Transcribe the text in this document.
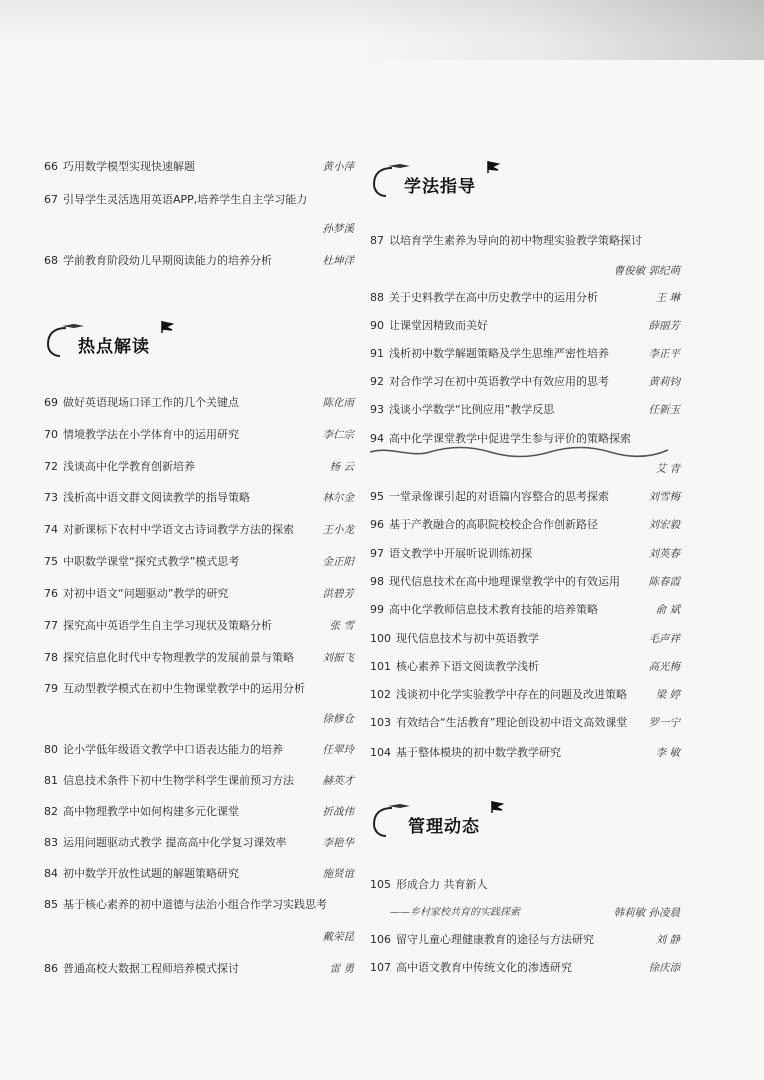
66 巧用数学模型实现快速解题	黄小萍
67 引导学生灵活选用英语APP,培养学生自主学习能力
孙梦溪
68 学前教育阶段幼儿早期阅读能力的培养分析	杜坤洋
热点解读
69 做好英语现场口译工作的几个关键点	陈化雨
70 情境教学法在小学体育中的运用研究	李仁宗
72 浅谈高中化学教育创新培养	杨 云
73 浅析高中语文群文阅读教学的指导策略	林尔金
74 对新课标下农村中学语文古诗词教学方法的探索	王小龙
75 中职数学课堂“探究式教学”模式思考	金正阳
76 对初中语文“问题驱动”教学的研究	洪碧芳
77 探究高中英语学生自主学习现状及策略分析	张 雪
78 探究信息化时代中专物理教学的发展前景与策略	刘振飞
79 互动型教学模式在初中生物课堂教学中的运用分析
徐修仓
80 论小学低年级语文教学中口语表达能力的培养	任翠玲
81 信息技术条件下初中生物学科学生课前预习方法	赫英才
82 高中物理教学中如何构建多元化课堂	折战伟
83 运用问题驱动式教学 提高高中化学复习课效率	李艳华
84 初中数学开放性试题的解题策略研究	施贤谊
85 基于核心素养的初中道德与法治小组合作学习实践思考
戴荣昆
86 普通高校大数据工程师培养模式探讨	雷 勇
学法指导
87 以培育学生素养为导向的初中物理实验教学策略探讨
曹俊敏 郭纪萌
88 关于史料教学在高中历史教学中的运用分析	王 琳
90 让课堂因精致而美好	薛丽芳
91 浅析初中数学解题策略及学生思维严密性培养	李正平
92 对合作学习在初中英语教学中有效应用的思考	黄莉钧
93 浅谈小学数学“比例应用”教学反思	任新玉
94 高中化学课堂教学中促进学生参与评价的策略探索
艾 青
95 一堂录像课引起的对语篇内容整合的思考探索	刘雪梅
96 基于产教融合的高职院校校企合作创新路径	刘宏毅
97 语文教学中开展听说训练初探	刘英春
98 现代信息技术在高中地理课堂教学中的有效运用	陈春霞
99 高中化学教师信息技术教育技能的培养策略	俞 斌
100 现代信息技术与初中英语教学	毛声祥
101 核心素养下语文阅读教学浅析	高光梅
102 浅谈初中化学实验教学中存在的问题及改进策略	梁 婷
103 有效结合“生活教育”理论创设初中语文高效课堂 罗一宁
104 基于整体模块的初中数学教学研究	李 敏
管理动态
105 形成合力 共育新人
——乡村家校共育的实践探索	韩莉敏 孙凌晨
106 留守儿童心理健康教育的途径与方法研究	刘 静
107 高中语文教育中传统文化的渗透研究	徐庆添
